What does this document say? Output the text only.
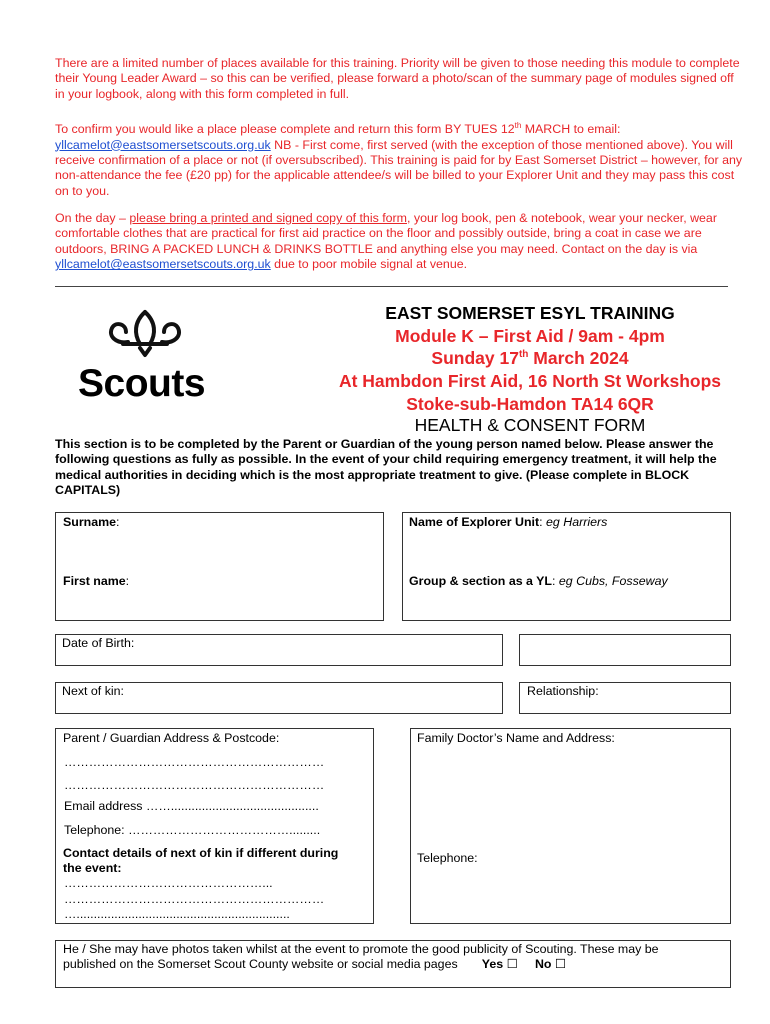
There are a limited number of places available for this training. Priority will be given to those needing this module to complete their Young Leader Award – so this can be verified, please forward a photo/scan of the summary page of modules signed off in your logbook, along with this form completed in full.

To confirm you would like a place please complete and return this form BY TUES 12th MARCH to email: yllcamelot@eastsomersetscouts.org.uk NB - First come, first served (with the exception of those mentioned above). You will receive confirmation of a place or not (if oversubscribed). This training is paid for by East Somerset District – however, for any non-attendance the fee (£20 pp) for the applicable attendee/s will be billed to your Explorer Unit and they may pass this cost on to you.

On the day – please bring a printed and signed copy of this form, your log book, pen & notebook, wear your necker, wear comfortable clothes that are practical for first aid practice on the floor and possibly outside, bring a coat in case we are outdoors, BRING A PACKED LUNCH & DRINKS BOTTLE and anything else you may need. Contact on the day is via yllcamelot@eastsomersetscouts.org.uk due to poor mobile signal at venue.

Scouts
EAST SOMERSET ESYL TRAINING
Module K – First Aid / 9am - 4pm
Sunday 17th March 2024
At Hambdon First Aid, 16 North St Workshops
Stoke-sub-Hamdon TA14 6QR
HEALTH & CONSENT FORM
This section is to be completed by the Parent or Guardian of the young person named below. Please answer the following questions as fully as possible. In the event of your child requiring emergency treatment, it will help the medical authorities in deciding which is the most appropriate treatment to give. (Please complete in BLOCK CAPITALS)
Surname:
First name:
Name of Explorer Unit: eg Harriers
Group & section as a YL: eg Cubs, Fosseway
Date of Birth:
Next of kin:	Relationship:
Parent / Guardian Address & Postcode:
………………………………………………………
………………………………………………………
Email address ……...........................................
Telephone: ………………………………….........
Contact details of next of kin if different during the event:
…………………………………………...
………………………………………………………
…..............................................................
Family Doctor’s Name and Address:
Telephone:
He / She may have photos taken whilst at the event to promote the good publicity of Scouting. These may be published on the Somerset Scout County website or social media pages Yes ☐ No ☐
